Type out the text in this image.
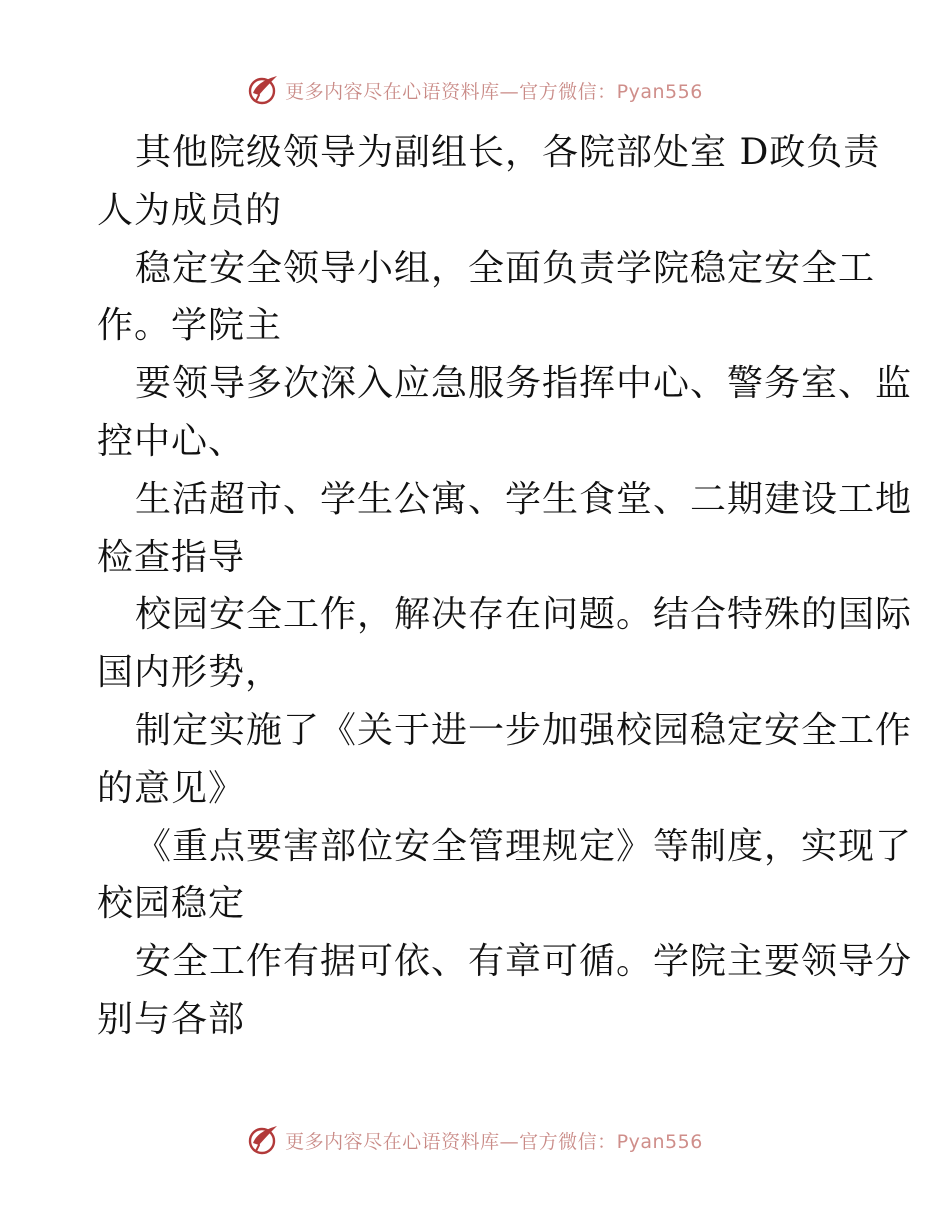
更多内容尽在心语资料库—官方微信：Pyan556
其他院级领导为副组长，各院部处室 D政负责
人为成员的
稳定安全领导小组，全面负责学院稳定安全工
作。学院主
要领导多次深入应急服务指挥中心、警务室、监
控中心、
生活超市、学生公寓、学生食堂、二期建设工地
检查指导
校园安全工作，解决存在问题。结合特殊的国际
国内形势，
制定实施了《关于进一步加强校园稳定安全工作
的意见》
《重点要害部位安全管理规定》等制度，实现了
校园稳定
安全工作有据可依、有章可循。学院主要领导分
别与各部
更多内容尽在心语资料库—官方微信：Pyan556
